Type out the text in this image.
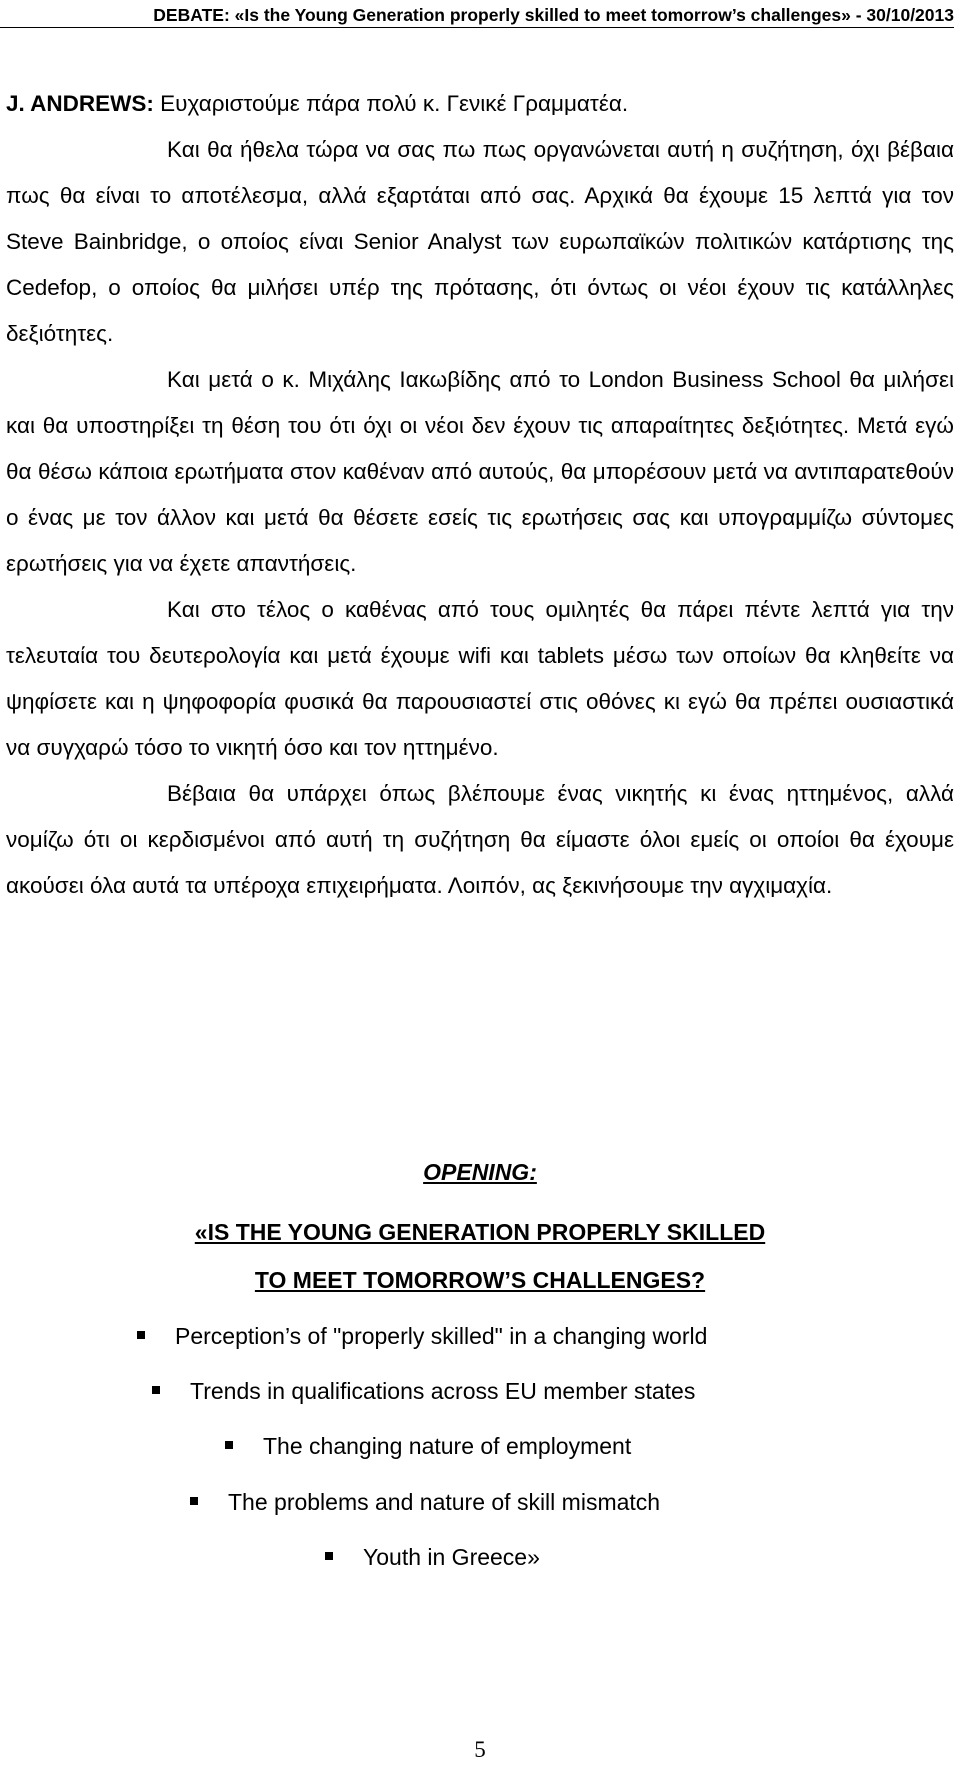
DEBATE: «Is the Young Generation properly skilled to meet tomorrow’s challenges» - 30/10/2013

J. ANDREWS: Ευχαριστούμε πάρα πολύ κ. Γενικέ Γραμματέα.

Και θα ήθελα τώρα να σας πω πως οργανώνεται αυτή η συζήτηση, όχι βέβαια πως θα είναι το αποτέλεσμα, αλλά εξαρτάται από σας. Αρχικά θα έχουμε 15 λεπτά για τον Steve Bainbridge, ο οποίος είναι Senior Analyst των ευρωπαϊκών πολιτικών κατάρτισης της Cedefop, ο οποίος θα μιλήσει υπέρ της πρότασης, ότι όντως οι νέοι έχουν τις κατάλληλες δεξιότητες.

Και μετά ο κ. Μιχάλης Ιακωβίδης από το London Business School θα μιλήσει και θα υποστηρίξει τη θέση του ότι όχι οι νέοι δεν έχουν τις απαραίτητες δεξιότητες. Μετά εγώ θα θέσω κάποια ερωτήματα στον καθέναν από αυτούς, θα μπορέσουν μετά να αντιπαρατεθούν ο ένας με τον άλλον και μετά θα θέσετε εσείς τις ερωτήσεις σας και υπογραμμίζω σύντομες ερωτήσεις για να έχετε απαντήσεις.

Και στο τέλος ο καθένας από τους ομιλητές θα πάρει πέντε λεπτά για την τελευταία του δευτερολογία και μετά έχουμε wifi και tablets μέσω των οποίων θα κληθείτε να ψηφίσετε και η ψηφοφορία φυσικά θα παρουσιαστεί στις οθόνες κι εγώ θα πρέπει ουσιαστικά να συγχαρώ τόσο το νικητή όσο και τον ηττημένο.

Βέβαια θα υπάρχει όπως βλέπουμε ένας νικητής κι ένας ηττημένος, αλλά νομίζω ότι οι κερδισμένοι από αυτή τη συζήτηση θα είμαστε όλοι εμείς οι οποίοι θα έχουμε ακούσει όλα αυτά τα υπέροχα επιχειρήματα. Λοιπόν, ας ξεκινήσουμε την αγχιμαχία.

OPENING:
«IS THE YOUNG GENERATION PROPERLY SKILLED
TO MEET TOMORROW’S CHALLENGES?
Perception’s of "properly skilled" in a changing world
Trends in qualifications across EU member states
The changing nature of employment
The problems and nature of skill mismatch
Youth in Greece»
5
